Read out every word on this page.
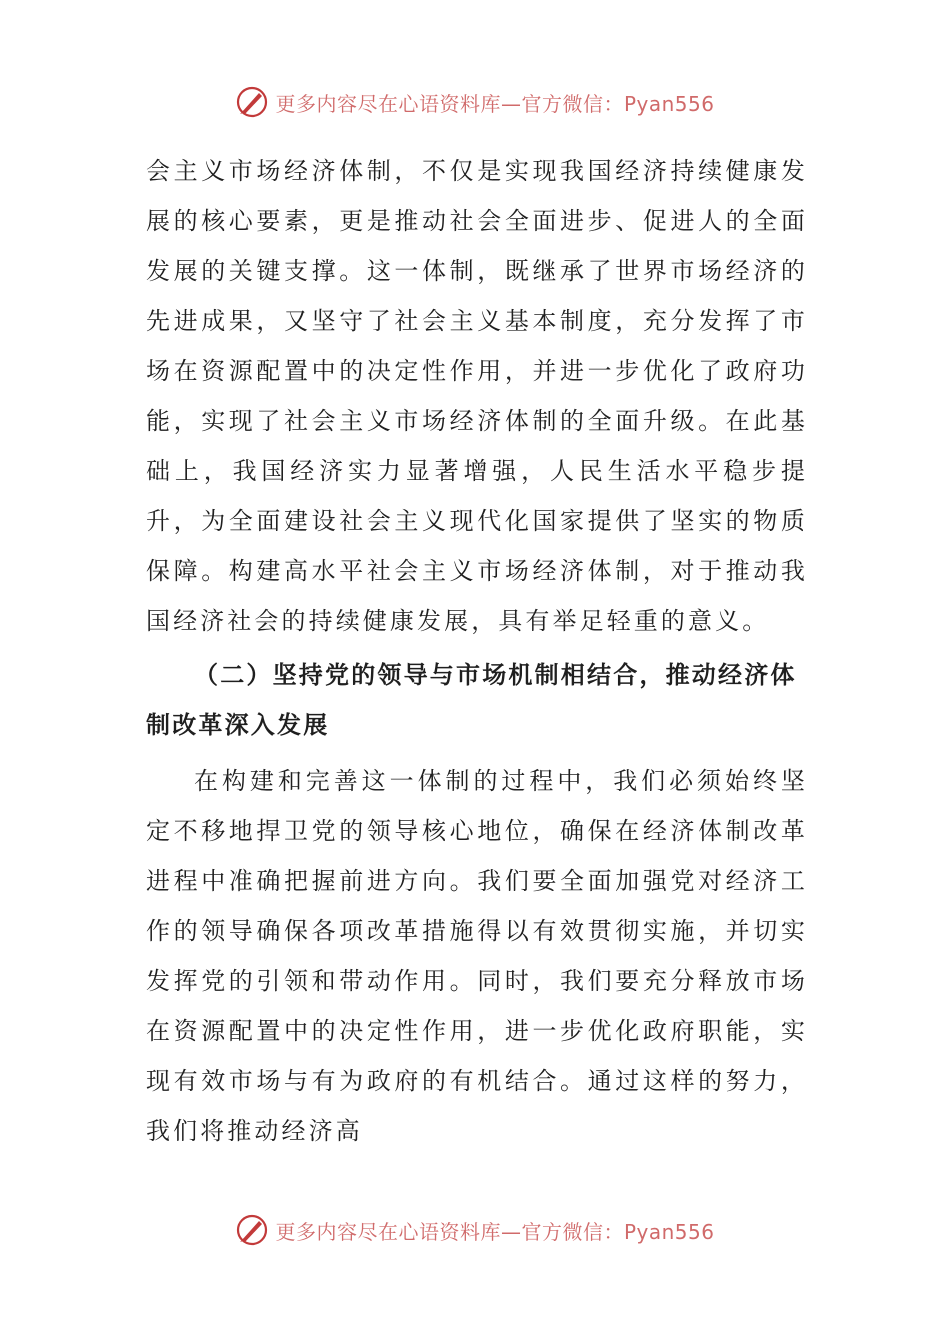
更多内容尽在心语资料库—官方微信：Pyan556

会主义市场经济体制，不仅是实现我国经济持续健康发展的核心要素，更是推动社会全面进步、促进人的全面发展的关键支撑。这一体制，既继承了世界市场经济的先进成果，又坚守了社会主义基本制度，充分发挥了市场在资源配置中的决定性作用，并进一步优化了政府功能，实现了社会主义市场经济体制的全面升级。在此基础上，我国经济实力显著增强，人民生活水平稳步提升，为全面建设社会主义现代化国家提供了坚实的物质保障。构建高水平社会主义市场经济体制，对于推动我国经济社会的持续健康发展，具有举足轻重的意义。

（二）坚持党的领导与市场机制相结合，推动经济体制改革深入发展

在构建和完善这一体制的过程中，我们必须始终坚定不移地捍卫党的领导核心地位，确保在经济体制改革进程中准确把握前进方向。我们要全面加强党对经济工作的领导确保各项改革措施得以有效贯彻实施，并切实发挥党的引领和带动作用。同时，我们要充分释放市场在资源配置中的决定性作用，进一步优化政府职能，实现有效市场与有为政府的有机结合。通过这样的努力，我们将推动经济高

更多内容尽在心语资料库—官方微信：Pyan556
